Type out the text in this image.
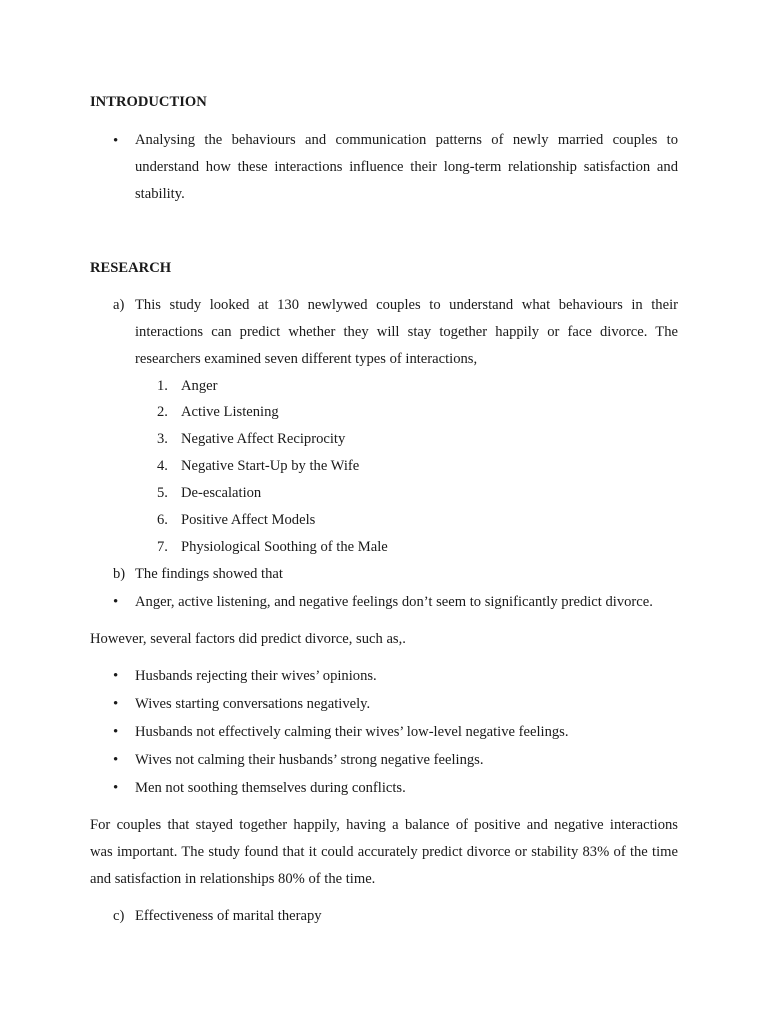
INTRODUCTION
•	Analysing the behaviours and communication patterns of newly married couples to
understand how these interactions influence their long-term relationship satisfaction and
stability.
RESEARCH
a) This study looked at 130 newlywed couples to understand what behaviours in their
interactions can predict whether they will stay together happily or face divorce. The
researchers examined seven different types of interactions,
1. Anger
2. Active Listening
3. Negative Affect Reciprocity
4. Negative Start-Up by the Wife
5. De-escalation
6. Positive Affect Models
7. Physiological Soothing of the Male
b) The findings showed that
•	Anger, active listening, and negative feelings don’t seem to significantly predict divorce.
However, several factors did predict divorce, such as,.
•	Husbands rejecting their wives’ opinions.
•	Wives starting conversations negatively.
•	Husbands not effectively calming their wives’ low-level negative feelings.
•	Wives not calming their husbands’ strong negative feelings.
•	Men not soothing themselves during conflicts.
For couples that stayed together happily, having a balance of positive and negative interactions
was important. The study found that it could accurately predict divorce or stability 83% of the time
and satisfaction in relationships 80% of the time.
c) Effectiveness of marital therapy
